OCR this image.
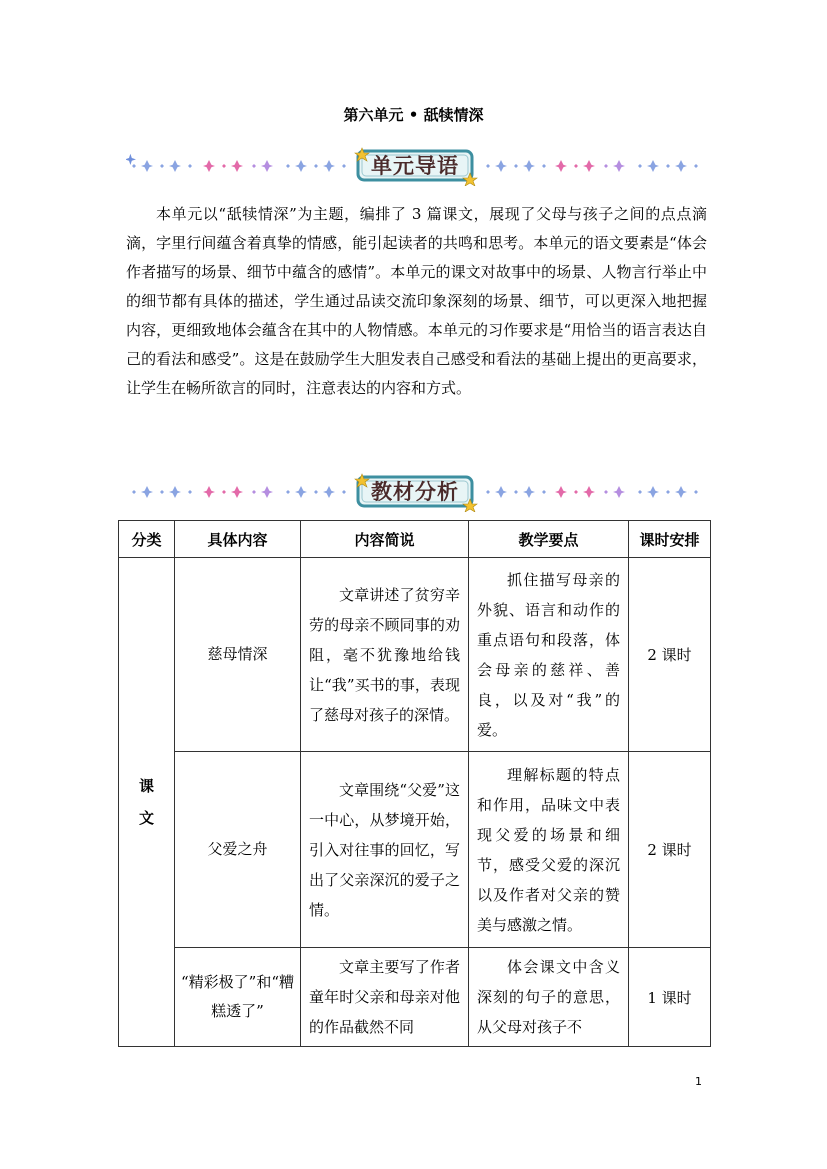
第六单元 • 舐犊情深
单元导语

本单元以“舐犊情深”为主题，编排了 3 篇课文，展现了父母与孩子之间的点点滴滴，字里行间蕴含着真挚的情感，能引起读者的共鸣和思考。本单元的语文要素是“体会作者描写的场景、细节中蕴含的感情”。本单元的课文对故事中的场景、人物言行举止中的细节都有具体的描述，学生通过品读交流印象深刻的场景、细节，可以更深入地把握内容，更细致地体会蕴含在其中的人物情感。本单元的习作要求是“用恰当的语言表达自己的看法和感受”。这是在鼓励学生大胆发表自己感受和看法的基础上提出的更高要求，让学生在畅所欲言的同时，注意表达的内容和方式。

教材分析
分类	具体内容	内容简说	教学要点	课时安排
课文	慈母情深	文章讲述了贫穷辛劳的母亲不顾同事的劝阻，毫不犹豫地给钱让“我”买书的事，表现了慈母对孩子的深情。	抓住描写母亲的外貌、语言和动作的重点语句和段落，体会母亲的慈祥、善良，以及对“我”的爱。	2 课时
	父爱之舟	文章围绕“父爱”这一中心，从梦境开始，引入对往事的回忆，写出了父亲深沉的爱子之情。	理解标题的特点和作用，品味文中表现父爱的场景和细节，感受父爱的深沉以及作者对父亲的赞美与感激之情。	2 课时
	“精彩极了”和“糟糕透了”	文章主要写了作者童年时父亲和母亲对他的作品截然不同	体会课文中含义深刻的句子的意思，从父母对孩子不	1 课时
1
